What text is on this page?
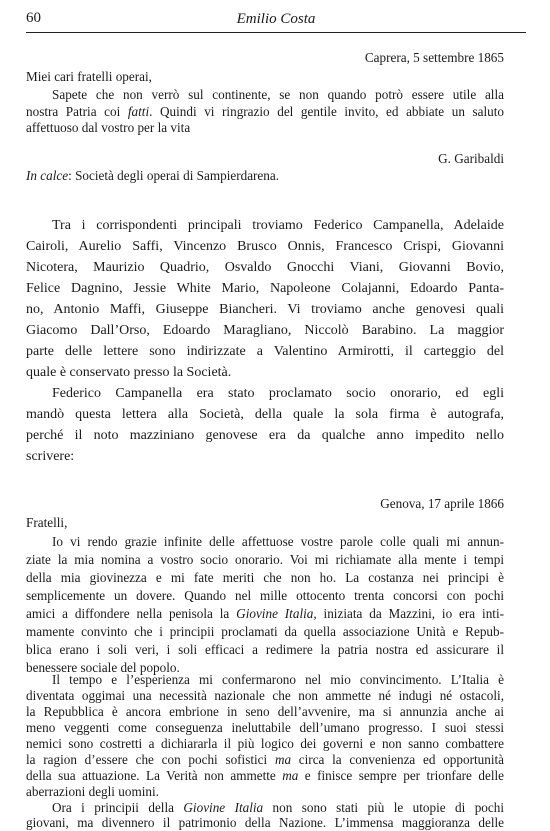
60	Emilio Costa
Caprera, 5 settembre 1865
Miei cari fratelli operai,
Sapete che non verrò sul continente, se non quando potrò essere utile alla
nostra Patria coi fatti. Quindi vi ringrazio del gentile invito, ed abbiate un saluto
affettuoso dal vostro per la vita
G. Garibaldi
In calce: Società degli operai di Sampierdarena.
Tra i corrispondenti principali troviamo Federico Campanella, Adelaide
Cairoli, Aurelio Saffi, Vincenzo Brusco Onnis, Francesco Crispi, Giovanni
Nicotera, Maurizio Quadrio, Osvaldo Gnocchi Viani, Giovanni Bovio,
Felice Dagnino, Jessie White Mario, Napoleone Colajanni, Edoardo Panta-
no, Antonio Maffi, Giuseppe Biancheri. Vi troviamo anche genovesi quali
Giacomo Dall’Orso, Edoardo Maragliano, Niccolò Barabino. La maggior
parte delle lettere sono indirizzate a Valentino Armirotti, il carteggio del
quale è conservato presso la Società.
Federico Campanella era stato proclamato socio onorario, ed egli
mandò questa lettera alla Società, della quale la sola firma è autografa,
perché il noto mazziniano genovese era da qualche anno impedito nello
scrivere:
Genova, 17 aprile 1866
Fratelli,
Io vi rendo grazie infinite delle affettuose vostre parole colle quali mi annun-
ziate la mia nomina a vostro socio onorario. Voi mi richiamate alla mente i tempi
della mia giovinezza e mi fate meriti che non ho. La costanza nei principi è
semplicemente un dovere. Quando nel mille ottocento trenta concorsi con pochi
amici a diffondere nella penisola la Giovine Italia, iniziata da Mazzini, io era inti-
mamente convinto che i principii proclamati da quella associazione Unità e Repub-
blica erano i soli veri, i soli efficaci a redimere la patria nostra ed assicurare il
benessere sociale del popolo.
Il tempo e l’esperienza mi confermarono nel mio convincimento. L’Italia è
diventata oggimai una necessità nazionale che non ammette né indugi né ostacoli,
la Repubblica è ancora embrione in seno dell’avvenire, ma si annunzia anche ai
meno veggenti come conseguenza ineluttabile dell’umano progresso. I suoi stessi
nemici sono costretti a dichiararla il più logico dei governi e non sanno combattere
la ragion d’essere che con pochi sofistici ma circa la convenienza ed opportunità
della sua attuazione. La Verità non ammette ma e finisce sempre per trionfare delle
aberrazioni degli uomini.
Ora i principii della Giovine Italia non sono stati più le utopie di pochi
giovani, ma divennero il patrimonio della Nazione. L’immensa maggioranza delle
